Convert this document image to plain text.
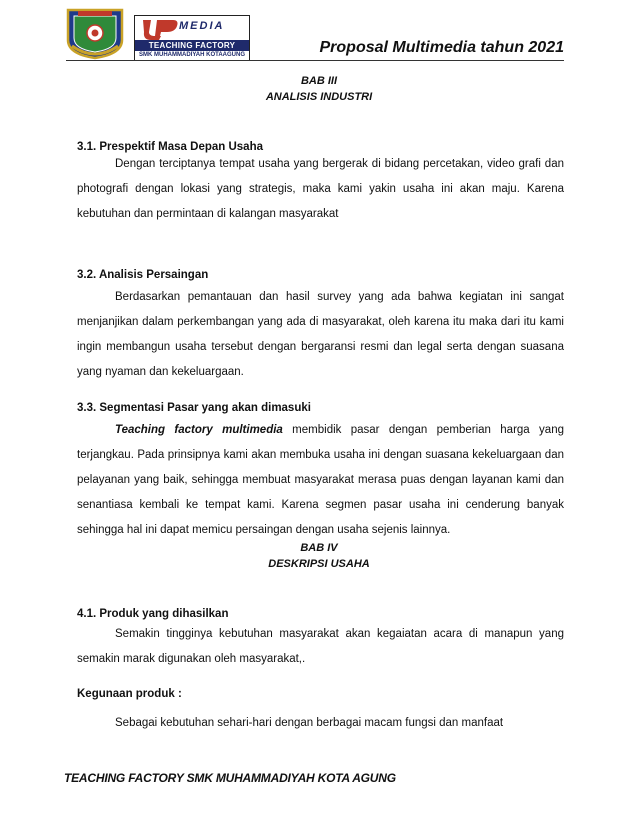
MEDIA
TEACHING FACTORY
SMK MUHAMMADIYAH KOTAAGUNG	Proposal Multimedia tahun 2021
BAB III
ANALISIS INDUSTRI
3.1. Prespektif Masa Depan Usaha

Dengan terciptanya tempat usaha yang bergerak di bidang percetakan, video grafi dan photografi dengan lokasi yang strategis, maka kami yakin usaha ini akan maju. Karena kebutuhan dan permintaan di kalangan masyarakat

3.2. Analisis Persaingan

Berdasarkan pemantauan dan hasil survey yang ada bahwa kegiatan ini sangat menjanjikan dalam perkembangan yang ada di masyarakat, oleh karena itu maka dari itu kami ingin membangun usaha tersebut dengan bergaransi resmi dan legal serta dengan suasana yang nyaman dan kekeluargaan.

3.3. Segmentasi Pasar yang akan dimasuki

Teaching factory multimedia membidik pasar dengan pemberian harga yang terjangkau. Pada prinsipnya kami akan membuka usaha ini dengan suasana kekeluargaan dan pelayanan yang baik, sehingga membuat masyarakat merasa puas dengan layanan kami dan senantiasa kembali ke tempat kami. Karena segmen pasar usaha ini cenderung banyak sehingga hal ini dapat memicu persaingan dengan usaha sejenis lainnya.

BAB IV
DESKRIPSI USAHA
4.1. Produk yang dihasilkan

Semakin tingginya kebutuhan masyarakat akan kegaiatan acara di manapun yang semakin marak digunakan oleh masyarakat,.

Kegunaan produk :

Sebagai kebutuhan sehari-hari dengan berbagai macam fungsi dan manfaat

TEACHING FACTORY SMK MUHAMMADIYAH KOTA AGUNG
